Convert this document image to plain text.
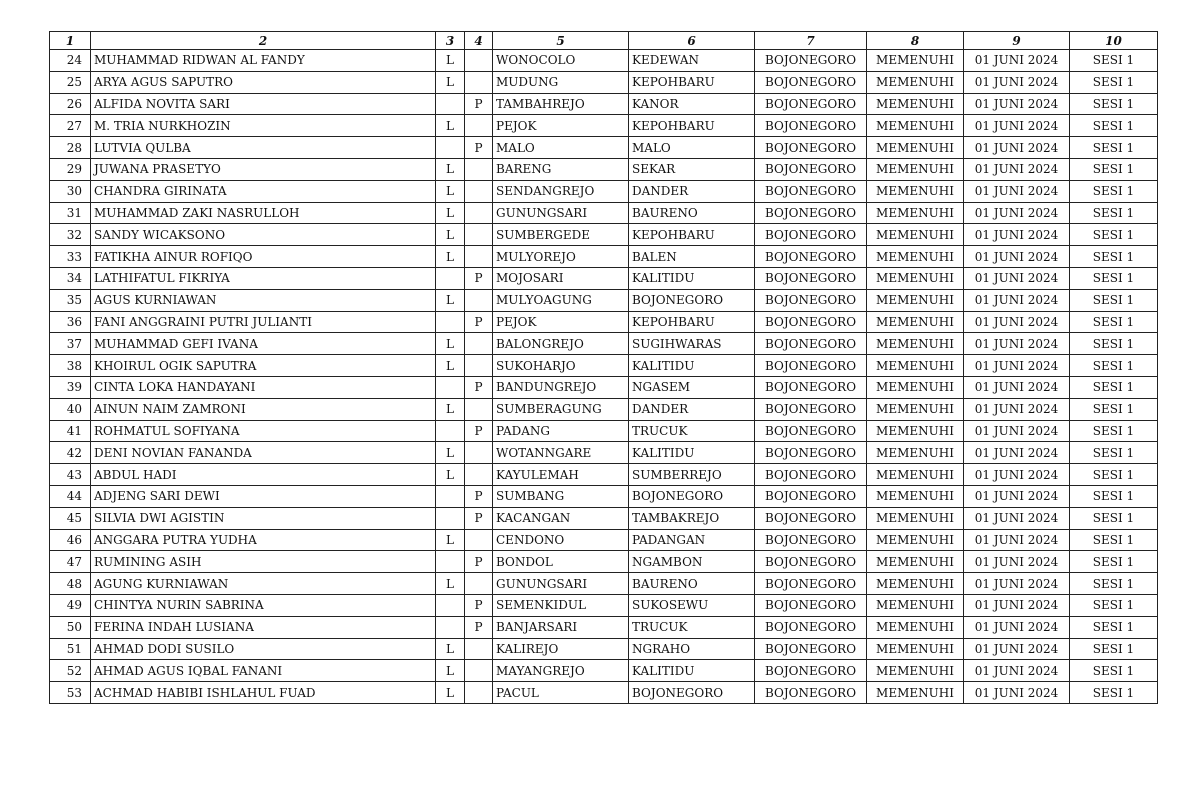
1	2	3	4	5	6	7	8	9	10
24	MUHAMMAD RIDWAN AL FANDY	L		WONOCOLO	KEDEWAN	BOJONEGORO	MEMENUHI	01 JUNI 2024	SESI 1
25	ARYA AGUS SAPUTRO	L		MUDUNG	KEPOHBARU	BOJONEGORO	MEMENUHI	01 JUNI 2024	SESI 1
26	ALFIDA NOVITA SARI		P	TAMBAHREJO	KANOR	BOJONEGORO	MEMENUHI	01 JUNI 2024	SESI 1
27	M. TRIA NURKHOZIN	L		PEJOK	KEPOHBARU	BOJONEGORO	MEMENUHI	01 JUNI 2024	SESI 1
28	LUTVIA QULBA		P	MALO	MALO	BOJONEGORO	MEMENUHI	01 JUNI 2024	SESI 1
29	JUWANA PRASETYO	L		BARENG	SEKAR	BOJONEGORO	MEMENUHI	01 JUNI 2024	SESI 1
30	CHANDRA GIRINATA	L		SENDANGREJO	DANDER	BOJONEGORO	MEMENUHI	01 JUNI 2024	SESI 1
31	MUHAMMAD ZAKI NASRULLOH	L		GUNUNGSARI	BAURENO	BOJONEGORO	MEMENUHI	01 JUNI 2024	SESI 1
32	SANDY WICAKSONO	L		SUMBERGEDE	KEPOHBARU	BOJONEGORO	MEMENUHI	01 JUNI 2024	SESI 1
33	FATIKHA AINUR ROFIQO	L		MULYOREJO	BALEN	BOJONEGORO	MEMENUHI	01 JUNI 2024	SESI 1
34	LATHIFATUL FIKRIYA		P	MOJOSARI	KALITIDU	BOJONEGORO	MEMENUHI	01 JUNI 2024	SESI 1
35	AGUS KURNIAWAN	L		MULYOAGUNG	BOJONEGORO	BOJONEGORO	MEMENUHI	01 JUNI 2024	SESI 1
36	FANI ANGGRAINI PUTRI JULIANTI		P	PEJOK	KEPOHBARU	BOJONEGORO	MEMENUHI	01 JUNI 2024	SESI 1
37	MUHAMMAD GEFI IVANA	L		BALONGREJO	SUGIHWARAS	BOJONEGORO	MEMENUHI	01 JUNI 2024	SESI 1
38	KHOIRUL OGIK SAPUTRA	L		SUKOHARJO	KALITIDU	BOJONEGORO	MEMENUHI	01 JUNI 2024	SESI 1
39	CINTA LOKA HANDAYANI		P	BANDUNGREJO	NGASEM	BOJONEGORO	MEMENUHI	01 JUNI 2024	SESI 1
40	AINUN NAIM ZAMRONI	L		SUMBERAGUNG	DANDER	BOJONEGORO	MEMENUHI	01 JUNI 2024	SESI 1
41	ROHMATUL SOFIYANA		P	PADANG	TRUCUK	BOJONEGORO	MEMENUHI	01 JUNI 2024	SESI 1
42	DENI NOVIAN FANANDA	L		WOTANNGARE	KALITIDU	BOJONEGORO	MEMENUHI	01 JUNI 2024	SESI 1
43	ABDUL HADI	L		KAYULEMAH	SUMBERREJO	BOJONEGORO	MEMENUHI	01 JUNI 2024	SESI 1
44	ADJENG SARI DEWI		P	SUMBANG	BOJONEGORO	BOJONEGORO	MEMENUHI	01 JUNI 2024	SESI 1
45	SILVIA DWI AGISTIN		P	KACANGAN	TAMBAKREJO	BOJONEGORO	MEMENUHI	01 JUNI 2024	SESI 1
46	ANGGARA PUTRA YUDHA	L		CENDONO	PADANGAN	BOJONEGORO	MEMENUHI	01 JUNI 2024	SESI 1
47	RUMINING ASIH		P	BONDOL	NGAMBON	BOJONEGORO	MEMENUHI	01 JUNI 2024	SESI 1
48	AGUNG KURNIAWAN	L		GUNUNGSARI	BAURENO	BOJONEGORO	MEMENUHI	01 JUNI 2024	SESI 1
49	CHINTYA NURIN SABRINA		P	SEMENKIDUL	SUKOSEWU	BOJONEGORO	MEMENUHI	01 JUNI 2024	SESI 1
50	FERINA INDAH LUSIANA		P	BANJARSARI	TRUCUK	BOJONEGORO	MEMENUHI	01 JUNI 2024	SESI 1
51	AHMAD DODI SUSILO	L		KALIREJO	NGRAHO	BOJONEGORO	MEMENUHI	01 JUNI 2024	SESI 1
52	AHMAD AGUS IQBAL FANANI	L		MAYANGREJO	KALITIDU	BOJONEGORO	MEMENUHI	01 JUNI 2024	SESI 1
53	ACHMAD HABIBI ISHLAHUL FUAD	L		PACUL	BOJONEGORO	BOJONEGORO	MEMENUHI	01 JUNI 2024	SESI 1
